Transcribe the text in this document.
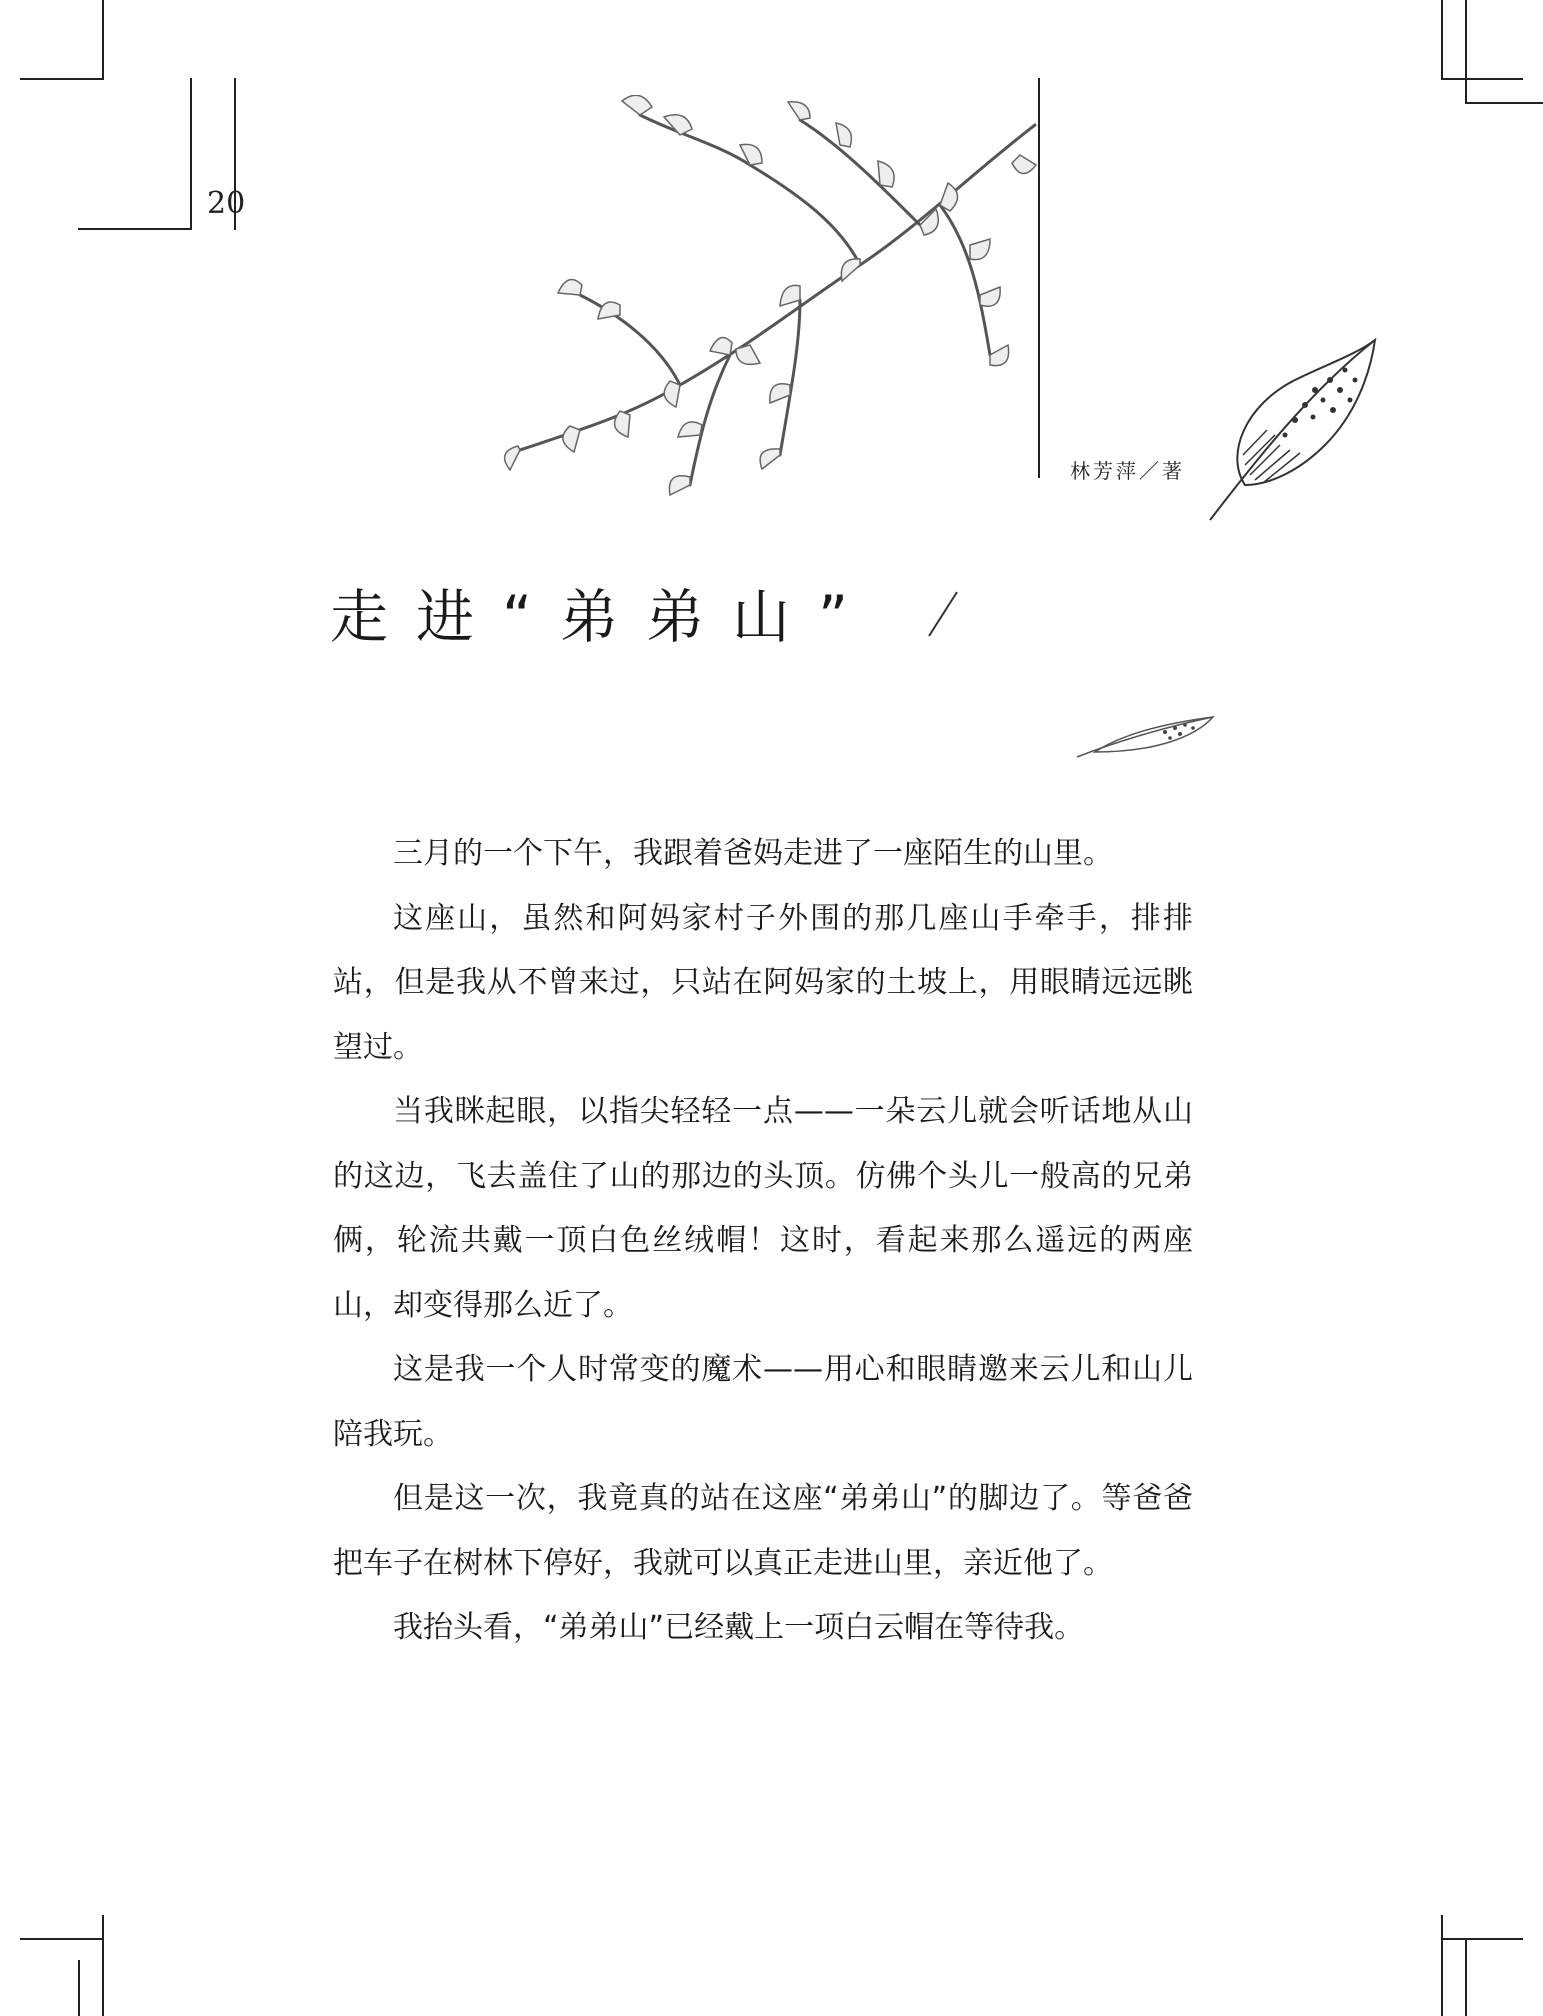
20
林芳萍／著
走进“弟弟山”

三月的一个下午，我跟着爸妈走进了一座陌生的山里。

这座山，虽然和阿妈家村子外围的那几座山手牵手，排排站，但是我从不曾来过，只站在阿妈家的土坡上，用眼睛远远眺望过。

当我眯起眼，以指尖轻轻一点——一朵云儿就会听话地从山的这边，飞去盖住了山的那边的头顶。仿佛个头儿一般高的兄弟俩，轮流共戴一顶白色丝绒帽！这时，看起来那么遥远的两座山，却变得那么近了。

这是我一个人时常变的魔术——用心和眼睛邀来云儿和山儿陪我玩。

但是这一次，我竟真的站在这座“弟弟山”的脚边了。等爸爸把车子在树林下停好，我就可以真正走进山里，亲近他了。

我抬头看，“弟弟山”已经戴上一项白云帽在等待我。
